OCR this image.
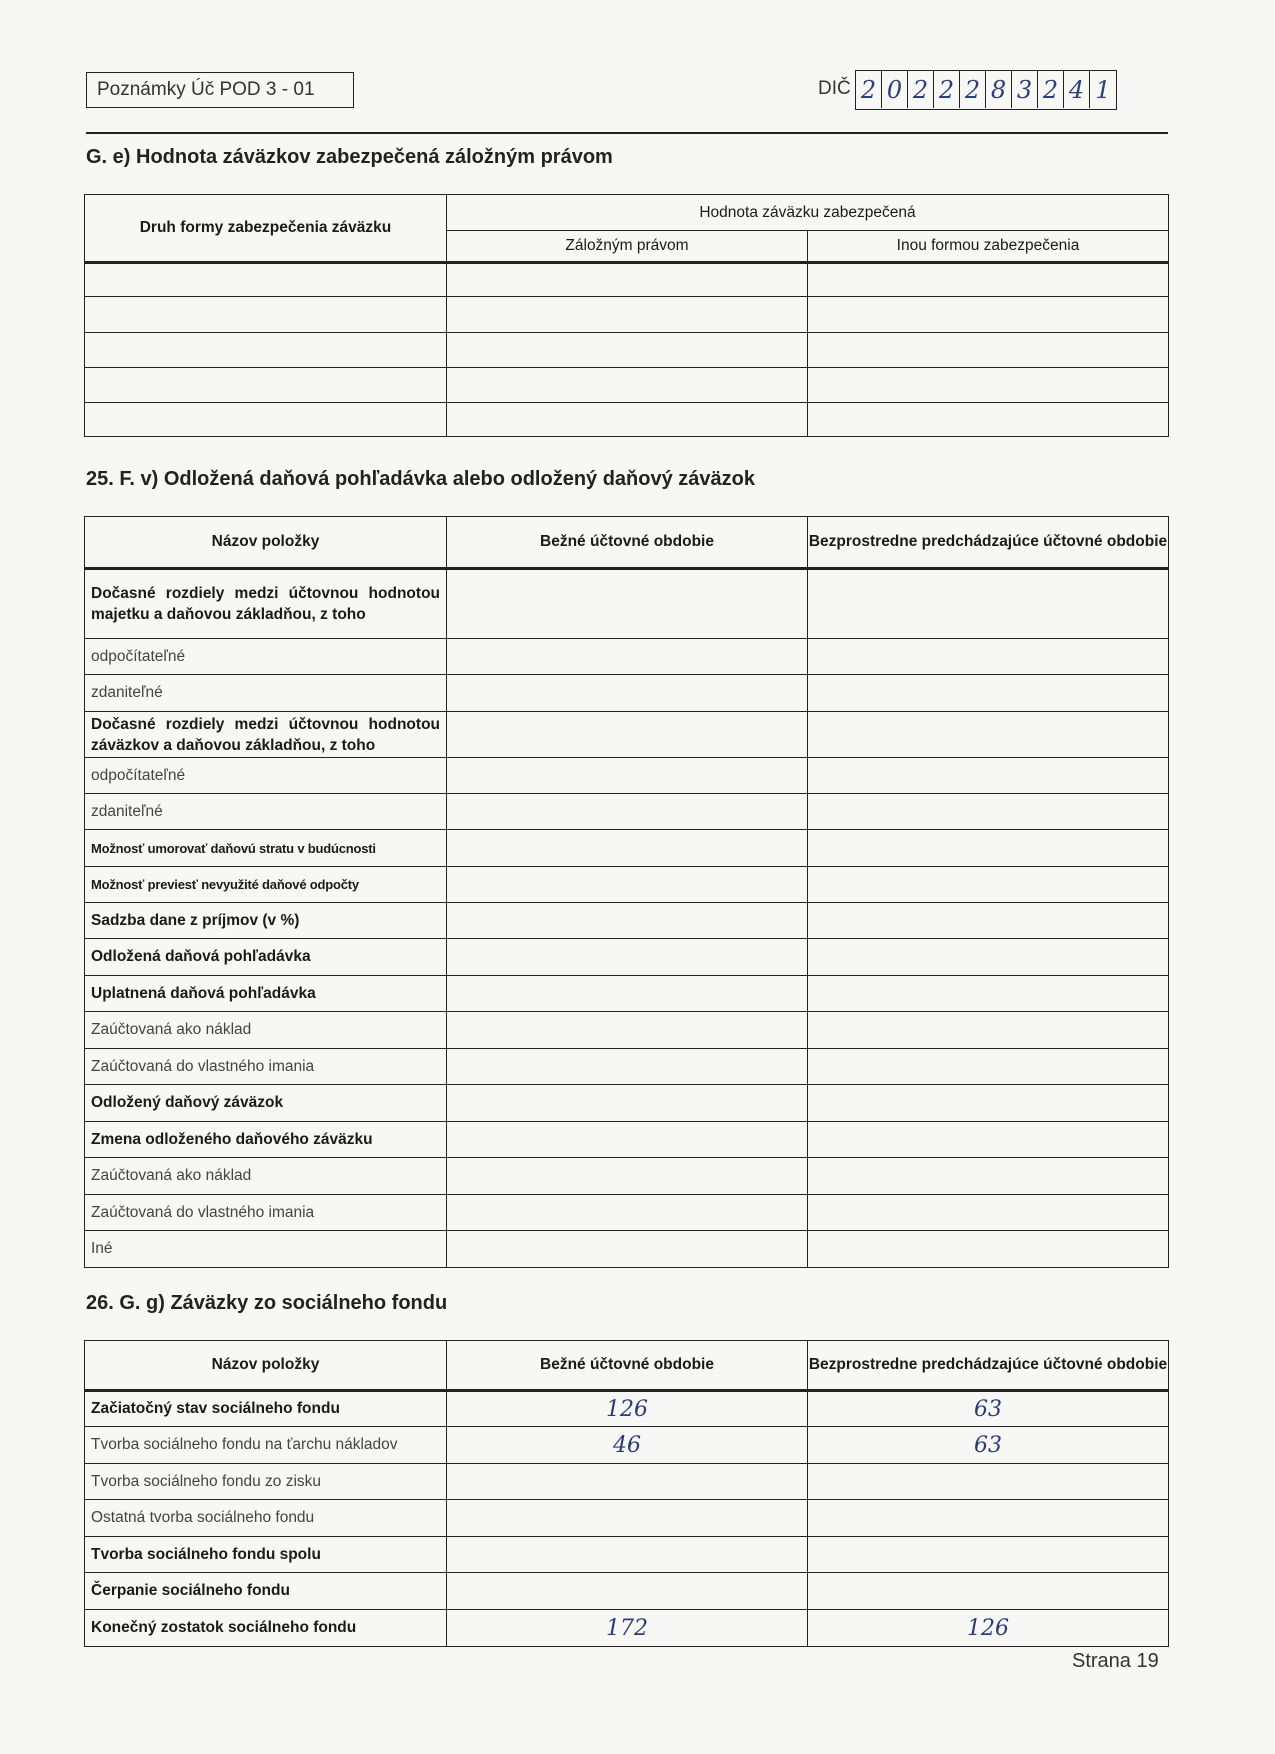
Poznámky Úč POD 3 - 01	DIČ 2 0 2 2 2 8 3 2 4 1
G. e) Hodnota záväzkov zabezpečená záložným právom
Druh formy zabezpečenia záväzku	Hodnota záväzku zabezpečená	
	Záložným právom	Inou formou zabezpečenia

25. F. v) Odložená daňová pohľadávka alebo odložený daňový záväzok
Názov položky	Bežné účtovné obdobie	Bezprostredne predchádzajúce účtovné obdobie
Dočasné rozdiely medzi účtovnou hodnotou majetku a daňovou základňou, z toho		
odpočítateľné		
zdaniteľné		
Dočasné rozdiely medzi účtovnou hodnotou záväzkov a daňovou základňou, z toho		
odpočítateľné		
zdaniteľné		
Možnosť umorovať daňovú stratu v budúcnosti		
Možnosť previesť nevyužité daňové odpočty		
Sadzba dane z príjmov (v %)		
Odložená daňová pohľadávka		
Uplatnená daňová pohľadávka		
Zaúčtovaná ako náklad		
Zaúčtovaná do vlastného imania		
Odložený daňový záväzok		
Zmena odloženého daňového záväzku		
Zaúčtovaná ako náklad		
Zaúčtovaná do vlastného imania		
Iné		
26. G. g) Záväzky zo sociálneho fondu
Názov položky	Bežné účtovné obdobie	Bezprostredne predchádzajúce účtovné obdobie
Začiatočný stav sociálneho fondu	126	63
Tvorba sociálneho fondu na ťarchu nákladov	46	63
Tvorba sociálneho fondu zo zisku		
Ostatná tvorba sociálneho fondu		
Tvorba sociálneho fondu spolu		
Čerpanie sociálneho fondu		
Konečný zostatok sociálneho fondu	172	126
Strana 19
